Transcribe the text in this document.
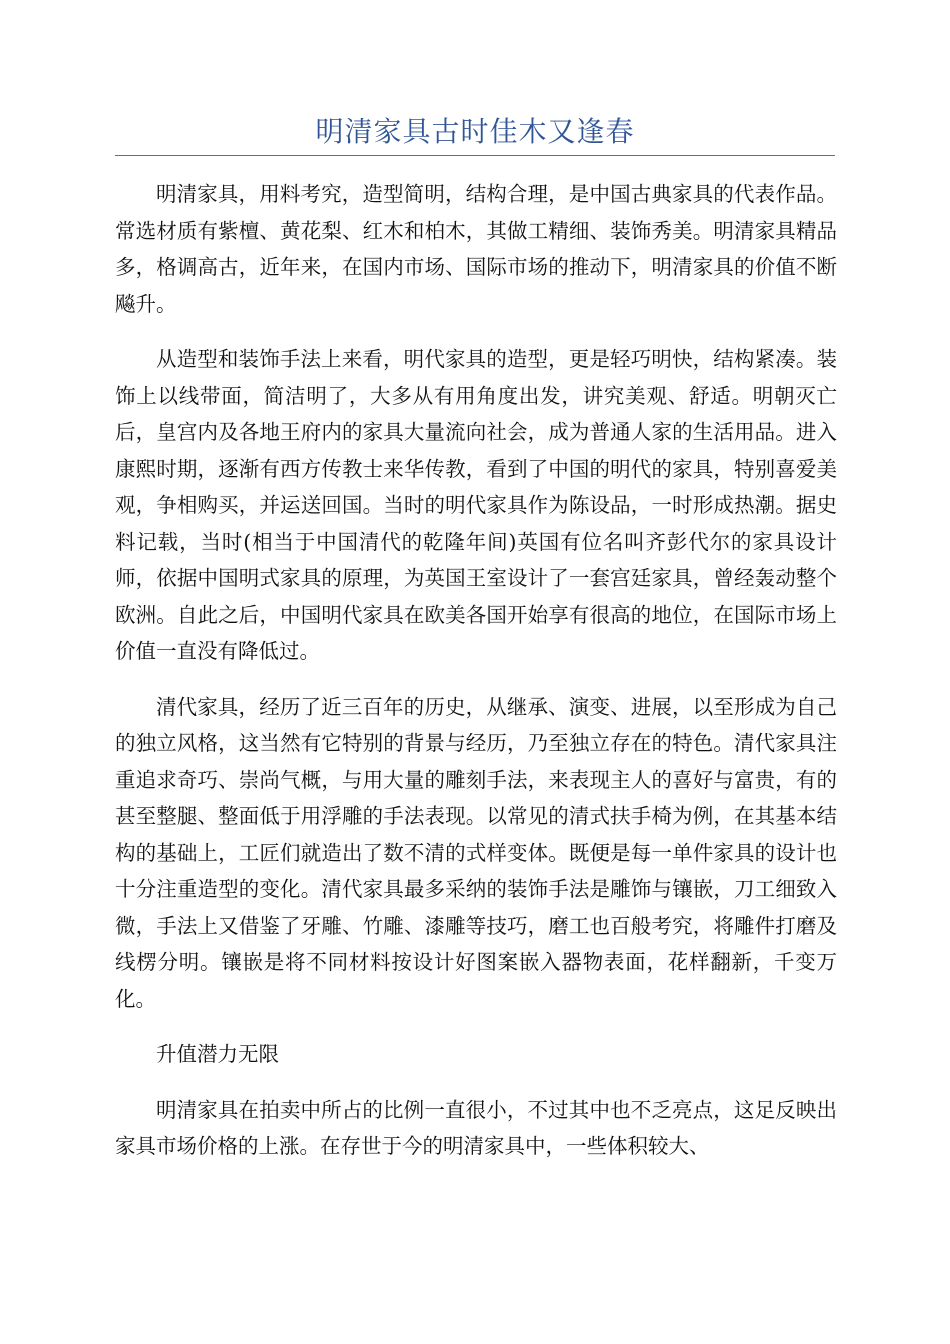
明清家具古时佳木又逢春

明清家具，用料考究，造型简明，结构合理，是中国古典家具的代表作品。常选材质有紫檀、黄花梨、红木和柏木，其做工精细、装饰秀美。明清家具精品多，格调高古，近年来，在国内市场、国际市场的推动下，明清家具的价值不断飚升。

从造型和装饰手法上来看，明代家具的造型，更是轻巧明快，结构紧凑。装饰上以线带面，简洁明了，大多从有用角度出发，讲究美观、舒适。明朝灭亡后，皇宫内及各地王府内的家具大量流向社会，成为普通人家的生活用品。进入康熙时期，逐渐有西方传教士来华传教，看到了中国的明代的家具，特别喜爱美观，争相购买，并运送回国。当时的明代家具作为陈设品，一时形成热潮。据史料记载，当时(相当于中国清代的乾隆年间)英国有位名叫齐彭代尔的家具设计师，依据中国明式家具的原理，为英国王室设计了一套宫廷家具，曾经轰动整个欧洲。自此之后，中国明代家具在欧美各国开始享有很高的地位，在国际市场上价值一直没有降低过。

清代家具，经历了近三百年的历史，从继承、演变、进展，以至形成为自己的独立风格，这当然有它特别的背景与经历，乃至独立存在的特色。清代家具注重追求奇巧、崇尚气概，与用大量的雕刻手法，来表现主人的喜好与富贵，有的甚至整腿、整面低于用浮雕的手法表现。以常见的清式扶手椅为例，在其基本结构的基础上，工匠们就造出了数不清的式样变体。既便是每一单件家具的设计也十分注重造型的变化。清代家具最多采纳的装饰手法是雕饰与镶嵌，刀工细致入微，手法上又借鉴了牙雕、竹雕、漆雕等技巧，磨工也百般考究，将雕件打磨及线楞分明。镶嵌是将不同材料按设计好图案嵌入器物表面，花样翻新，千变万化。

升值潜力无限

明清家具在拍卖中所占的比例一直很小，不过其中也不乏亮点，这足反映出家具市场价格的上涨。在存世于今的明清家具中，一些体积较大、
